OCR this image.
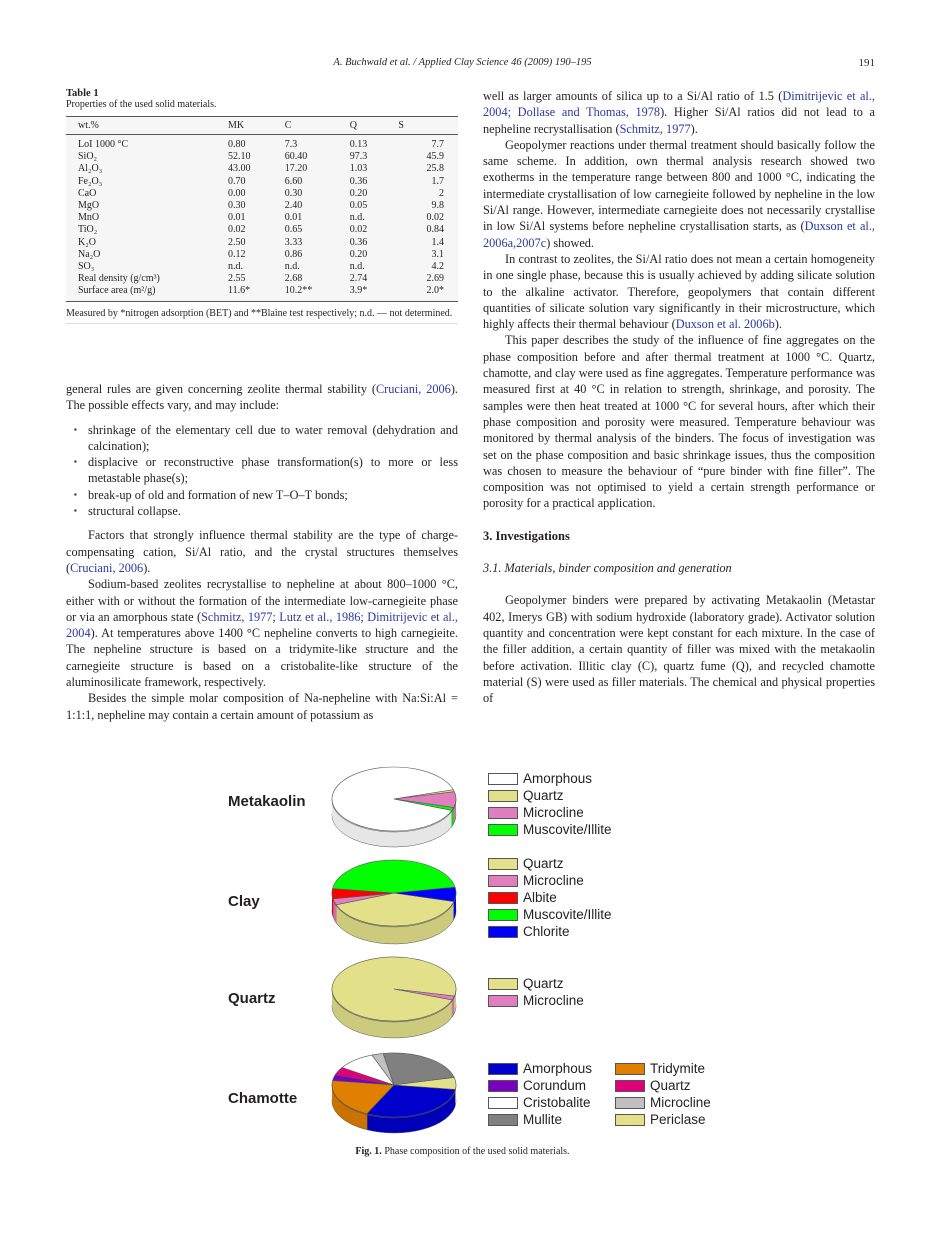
A. Buchwald et al. / Applied Clay Science 46 (2009) 190–195	191
Table 1
Properties of the used solid materials.
wt.%	MK	C	Q	S
LoI 1000 °C	0.80	7.3	0.13	7.7
SiO₂	52.10	60.40	97.3	45.9
Al₂O₃	43.00	17.20	1.03	25.8
Fe₂O₃	0.70	6.60	0.36	1.7
CaO	0.00	0.30	0.20	2
MgO	0.30	2.40	0.05	9.8
MnO	0.01	0.01	n.d.	0.02
TiO₂	0.02	0.65	0.02	0.84
K₂O	2.50	3.33	0.36	1.4
Na₂O	0.12	0.86	0.20	3.1
SO₃	n.d.	n.d.	n.d.	4.2
Real density (g/cm³)	2.55	2.68	2.74	2.69
Surface area (m²/g)	11.6*	10.2**	3.9*	2.0*
Measured by *nitrogen adsorption (BET) and **Blaine test respectively; n.d. — not determined.

general rules are given concerning zeolite thermal stability (Cruciani, 2006). The possible effects vary, and may include:

▪ shrinkage of the elementary cell due to water removal (dehydration and calcination);
▪ displacive or reconstructive phase transformation(s) to more or less metastable phase(s);
▪ break-up of old and formation of new T–O–T bonds;
▪ structural collapse.

Factors that strongly influence thermal stability are the type of charge-compensating cation, Si/Al ratio, and the crystal structures themselves (Cruciani, 2006).

Sodium-based zeolites recrystallise to nepheline at about 800–1000 °C, either with or without the formation of the intermediate low-carnegieite phase or via an amorphous state (Schmitz, 1977; Lutz et al., 1986; Dimitrijevic et al., 2004). At temperatures above 1400 °C nepheline converts to high carnegieite. The nepheline structure is based on a tridymite-like structure and the carnegieite structure is based on a cristobalite-like structure of the aluminosilicate framework, respectively.

Besides the simple molar composition of Na-nepheline with Na:Si:Al = 1:1:1, nepheline may contain a certain amount of potassium as

well as larger amounts of silica up to a Si/Al ratio of 1.5 (Dimitrijevic et al., 2004; Dollase and Thomas, 1978). Higher Si/Al ratios did not lead to a nepheline recrystallisation (Schmitz, 1977).

Geopolymer reactions under thermal treatment should basically follow the same scheme. In addition, own thermal analysis research showed two exotherms in the temperature range between 800 and 1000 °C, indicating the intermediate crystallisation of low carnegieite followed by nepheline in the low Si/Al range. However, intermediate carnegieite does not necessarily crystallise in low Si/Al systems before nepheline crystallisation starts, as (Duxson et al., 2006a,2007c) showed.

In contrast to zeolites, the Si/Al ratio does not mean a certain homogeneity in one single phase, because this is usually achieved by adding silicate solution to the alkaline activator. Therefore, geopolymers that contain different quantities of silicate solution vary significantly in their microstructure, which highly affects their thermal behaviour (Duxson et al. 2006b).

This paper describes the study of the influence of fine aggregates on the phase composition before and after thermal treatment at 1000 °C. Quartz, chamotte, and clay were used as fine aggregates. Temperature performance was measured first at 40 °C in relation to strength, shrinkage, and porosity. The samples were then heat treated at 1000 °C for several hours, after which their phase composition and porosity were measured. Temperature behaviour was monitored by thermal analysis of the binders. The focus of investigation was set on the phase composition and basic shrinkage issues, thus the composition was chosen to measure the behaviour of “pure binder with fine filler”. The composition was not optimised to yield a certain strength performance or porosity for a practical application.

3. Investigations
3.1. Materials, binder composition and generation

Geopolymer binders were prepared by activating Metakaolin (Metastar 402, Imerys GB) with sodium hydroxide (laboratory grade). Activator solution quantity and concentration were kept constant for each mixture. In the case of the filler addition, a certain quantity of filler was mixed with the metakaolin before activation. Illitic clay (C), quartz fume (Q), and recycled chamotte material (S) were used as filler materials. The chemical and physical properties of

Metakaolin
Amorphous
Quartz
Microcline
Muscovite/Illite
Clay
Quartz
Microcline
Albite
Muscovite/Illite
Chlorite
Quartz
Quartz
Microcline
Chamotte
Amorphous
Corundum
Cristobalite
Mullite
Tridymite
Quartz
Microcline
Periclase
Fig. 1. Phase composition of the used solid materials.
